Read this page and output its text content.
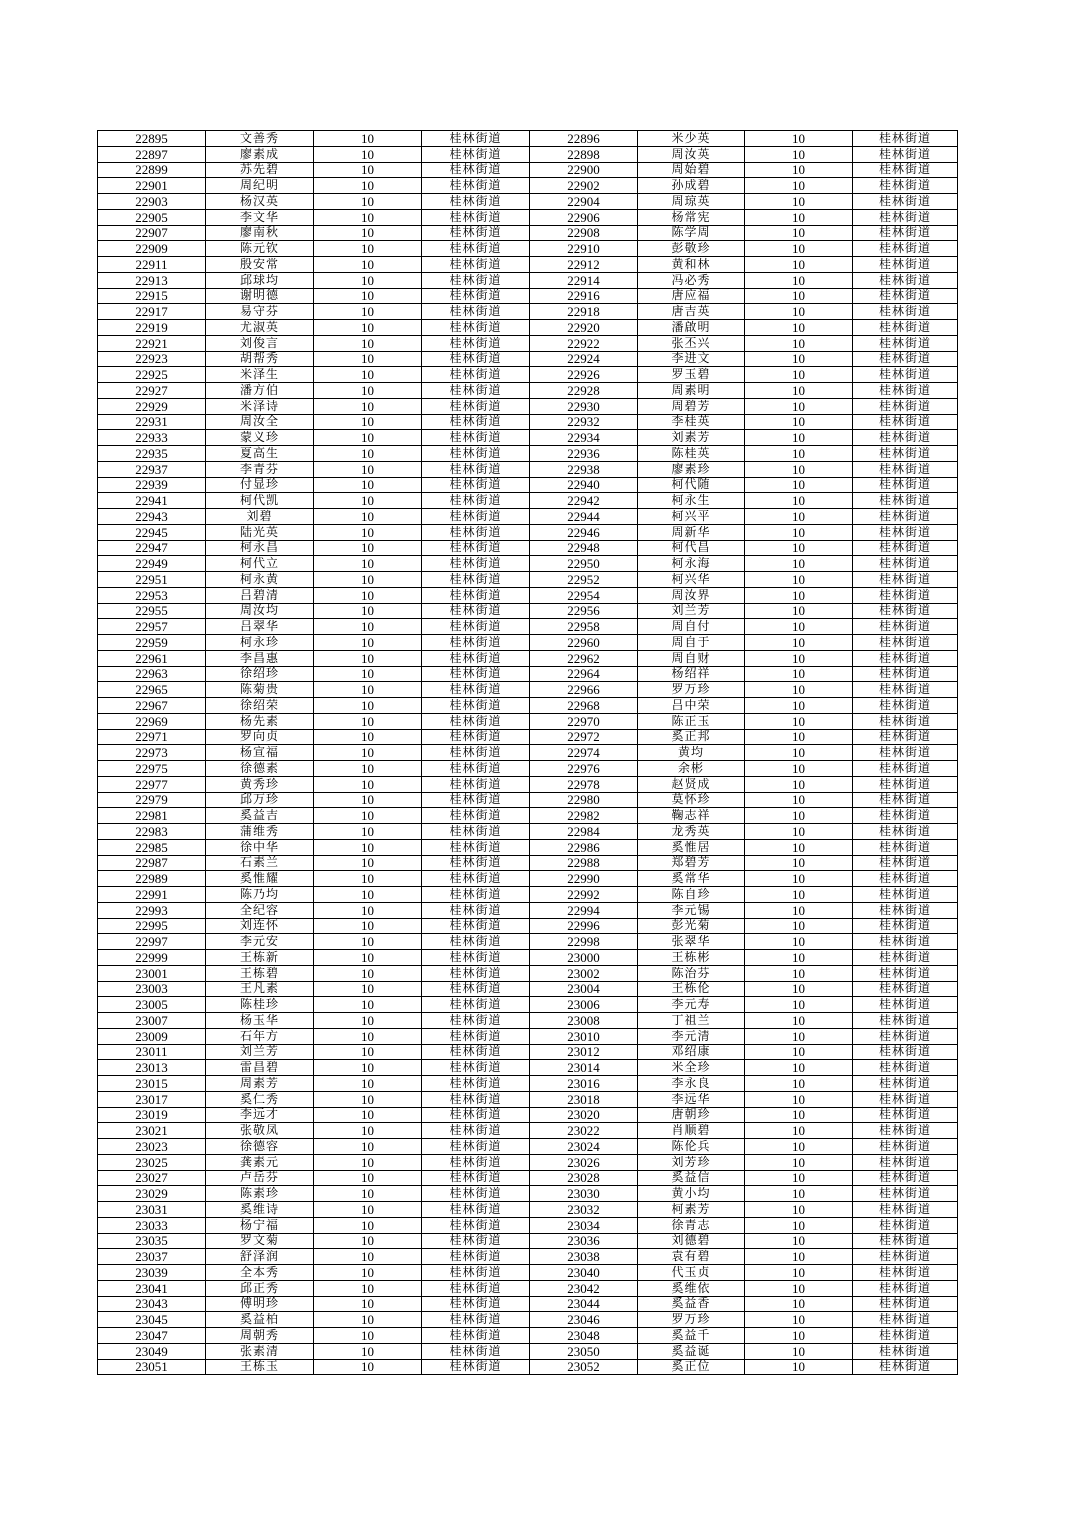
22895	文善秀	10	桂林街道	22896	米少英	10	桂林街道
22897	廖素成	10	桂林街道	22898	周汝英	10	桂林街道
22899	苏先碧	10	桂林街道	22900	周始碧	10	桂林街道
22901	周纪明	10	桂林街道	22902	孙成碧	10	桂林街道
22903	杨汉英	10	桂林街道	22904	周琼英	10	桂林街道
22905	李文华	10	桂林街道	22906	杨常宪	10	桂林街道
22907	廖南秋	10	桂林街道	22908	陈学周	10	桂林街道
22909	陈元钦	10	桂林街道	22910	彭敬珍	10	桂林街道
22911	殷安常	10	桂林街道	22912	黄和林	10	桂林街道
22913	邱球均	10	桂林街道	22914	冯必秀	10	桂林街道
22915	谢明德	10	桂林街道	22916	唐应福	10	桂林街道
22917	易守芬	10	桂林街道	22918	唐吉英	10	桂林街道
22919	尤淑英	10	桂林街道	22920	潘啟明	10	桂林街道
22921	刘俊言	10	桂林街道	22922	张丕兴	10	桂林街道
22923	胡帮秀	10	桂林街道	22924	李进文	10	桂林街道
22925	米泽生	10	桂林街道	22926	罗玉碧	10	桂林街道
22927	潘方伯	10	桂林街道	22928	周素明	10	桂林街道
22929	米泽诗	10	桂林街道	22930	周碧芳	10	桂林街道
22931	周汝全	10	桂林街道	22932	李桂英	10	桂林街道
22933	蒙义珍	10	桂林街道	22934	刘素芳	10	桂林街道
22935	夏高生	10	桂林街道	22936	陈桂英	10	桂林街道
22937	李青芬	10	桂林街道	22938	廖素珍	10	桂林街道
22939	付显珍	10	桂林街道	22940	柯代随	10	桂林街道
22941	柯代凯	10	桂林街道	22942	柯永生	10	桂林街道
22943	刘碧	10	桂林街道	22944	柯兴平	10	桂林街道
22945	陆光英	10	桂林街道	22946	周新华	10	桂林街道
22947	柯永昌	10	桂林街道	22948	柯代昌	10	桂林街道
22949	柯代立	10	桂林街道	22950	柯永海	10	桂林街道
22951	柯永黄	10	桂林街道	22952	柯兴华	10	桂林街道
22953	吕碧清	10	桂林街道	22954	周汝界	10	桂林街道
22955	周汝均	10	桂林街道	22956	刘兰芳	10	桂林街道
22957	吕翠华	10	桂林街道	22958	周自付	10	桂林街道
22959	柯永珍	10	桂林街道	22960	周自于	10	桂林街道
22961	李昌惠	10	桂林街道	22962	周自财	10	桂林街道
22963	徐绍珍	10	桂林街道	22964	杨绍祥	10	桂林街道
22965	陈菊贵	10	桂林街道	22966	罗万珍	10	桂林街道
22967	徐绍荣	10	桂林街道	22968	吕中荣	10	桂林街道
22969	杨先素	10	桂林街道	22970	陈正玉	10	桂林街道
22971	罗向贞	10	桂林街道	22972	奚正邦	10	桂林街道
22973	杨宣福	10	桂林街道	22974	黄均	10	桂林街道
22975	徐德素	10	桂林街道	22976	余彬	10	桂林街道
22977	黄秀珍	10	桂林街道	22978	赵贤成	10	桂林街道
22979	邱万珍	10	桂林街道	22980	莫怀珍	10	桂林街道
22981	奚益吉	10	桂林街道	22982	鞠志祥	10	桂林街道
22983	蒲维秀	10	桂林街道	22984	龙秀英	10	桂林街道
22985	徐中华	10	桂林街道	22986	奚惟居	10	桂林街道
22987	石素兰	10	桂林街道	22988	郑碧芳	10	桂林街道
22989	奚惟耀	10	桂林街道	22990	奚常华	10	桂林街道
22991	陈乃均	10	桂林街道	22992	陈自珍	10	桂林街道
22993	全纪容	10	桂林街道	22994	李元锡	10	桂林街道
22995	刘连怀	10	桂林街道	22996	彭光菊	10	桂林街道
22997	李元安	10	桂林街道	22998	张翠华	10	桂林街道
22999	王栋新	10	桂林街道	23000	王栋彬	10	桂林街道
23001	王栋碧	10	桂林街道	23002	陈治芬	10	桂林街道
23003	王凡素	10	桂林街道	23004	王栋伦	10	桂林街道
23005	陈桂珍	10	桂林街道	23006	李元寿	10	桂林街道
23007	杨玉华	10	桂林街道	23008	丁祖兰	10	桂林街道
23009	石年方	10	桂林街道	23010	李元清	10	桂林街道
23011	刘兰芳	10	桂林街道	23012	邓绍康	10	桂林街道
23013	雷昌碧	10	桂林街道	23014	米全珍	10	桂林街道
23015	周素芳	10	桂林街道	23016	李永良	10	桂林街道
23017	奚仁秀	10	桂林街道	23018	李远华	10	桂林街道
23019	李远才	10	桂林街道	23020	唐朝珍	10	桂林街道
23021	张敬凤	10	桂林街道	23022	肖顺碧	10	桂林街道
23023	徐德容	10	桂林街道	23024	陈伦兵	10	桂林街道
23025	龚素元	10	桂林街道	23026	刘芳珍	10	桂林街道
23027	卢岳芬	10	桂林街道	23028	奚益信	10	桂林街道
23029	陈素珍	10	桂林街道	23030	黄小均	10	桂林街道
23031	奚维诗	10	桂林街道	23032	柯素芳	10	桂林街道
23033	杨宁福	10	桂林街道	23034	徐青志	10	桂林街道
23035	罗文菊	10	桂林街道	23036	刘德碧	10	桂林街道
23037	舒泽润	10	桂林街道	23038	袁有碧	10	桂林街道
23039	全本秀	10	桂林街道	23040	代玉贞	10	桂林街道
23041	邱正秀	10	桂林街道	23042	奚维依	10	桂林街道
23043	傅明珍	10	桂林街道	23044	奚益香	10	桂林街道
23045	奚益柏	10	桂林街道	23046	罗万珍	10	桂林街道
23047	周朝秀	10	桂林街道	23048	奚益千	10	桂林街道
23049	张素清	10	桂林街道	23050	奚益诞	10	桂林街道
23051	王栋玉	10	桂林街道	23052	奚正位	10	桂林街道
